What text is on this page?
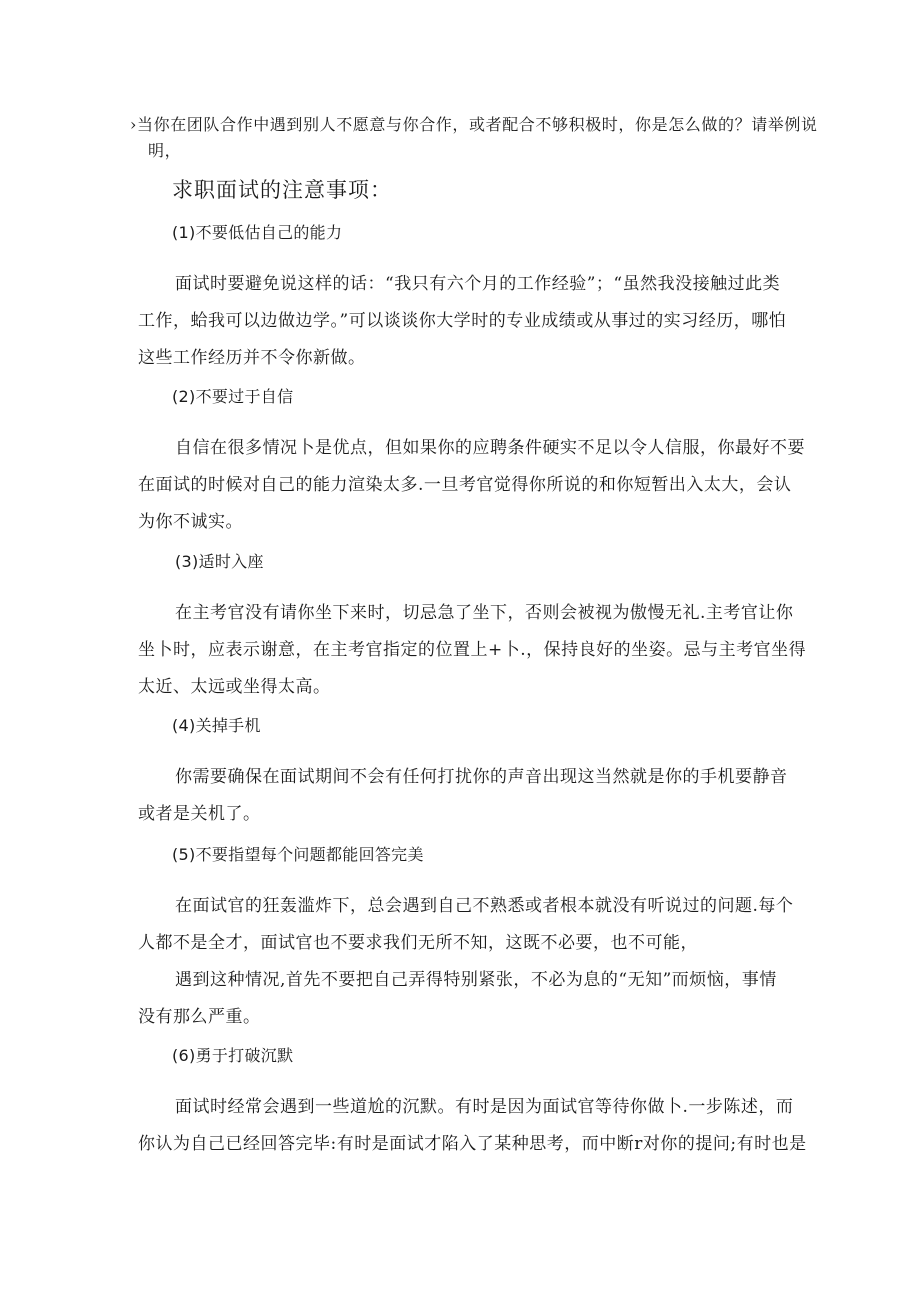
›当你在团队合作中遇到别人不愿意与你合作，或者配合不够积极时，你是怎么做的？请举例说
明，
求职面试的注意事项：
(1)不要低估自己的能力
面试时要避免说这样的话：“我只有六个月的工作经验”；“虽然我没接触过此类
工作，蛤我可以边做边学。”可以谈谈你大学时的专业成绩或从事过的实习经历，哪怕
这些工作经历并不令你新做。
(2)不要过于自信
自信在很多情况卜是优点，但如果你的应聘条件硬实不足以令人信服，你最好不要
在面试的时候对自己的能力渲染太多.一旦考官觉得你所说的和你短暂出入太大，会认
为你不诚实。
(3)适时入座
在主考官没有请你坐下来时，切忌急了坐下，否则会被视为傲慢无礼.主考官让你
坐卜时，应表示谢意，在主考官指定的位置上+卜.，保持良好的坐姿。忌与主考官坐得
太近、太远或坐得太高。
(4)关掉手机
你需要确保在面试期间不会有任何打扰你的声音出现这当然就是你的手机要静音
或者是关机了。
(5)不要指望每个问题都能回答完美
在面试官的狂轰滥炸下，总会遇到自己不熟悉或者根本就没有听说过的问题.每个
人都不是全才，面试官也不要求我们无所不知，这既不必要，也不可能，
遇到这种情况,首先不要把自己弄得特别紧张，不必为息的“无知”而烦恼，事情
没有那么严重。
(6)勇于打破沉默
面试时经常会遇到一些道尬的沉默。有时是因为面试官等待你做卜.一步陈述，而
你认为自己已经回答完毕:有时是面试才陷入了某种思考，而中断r对你的提问;有时也是
